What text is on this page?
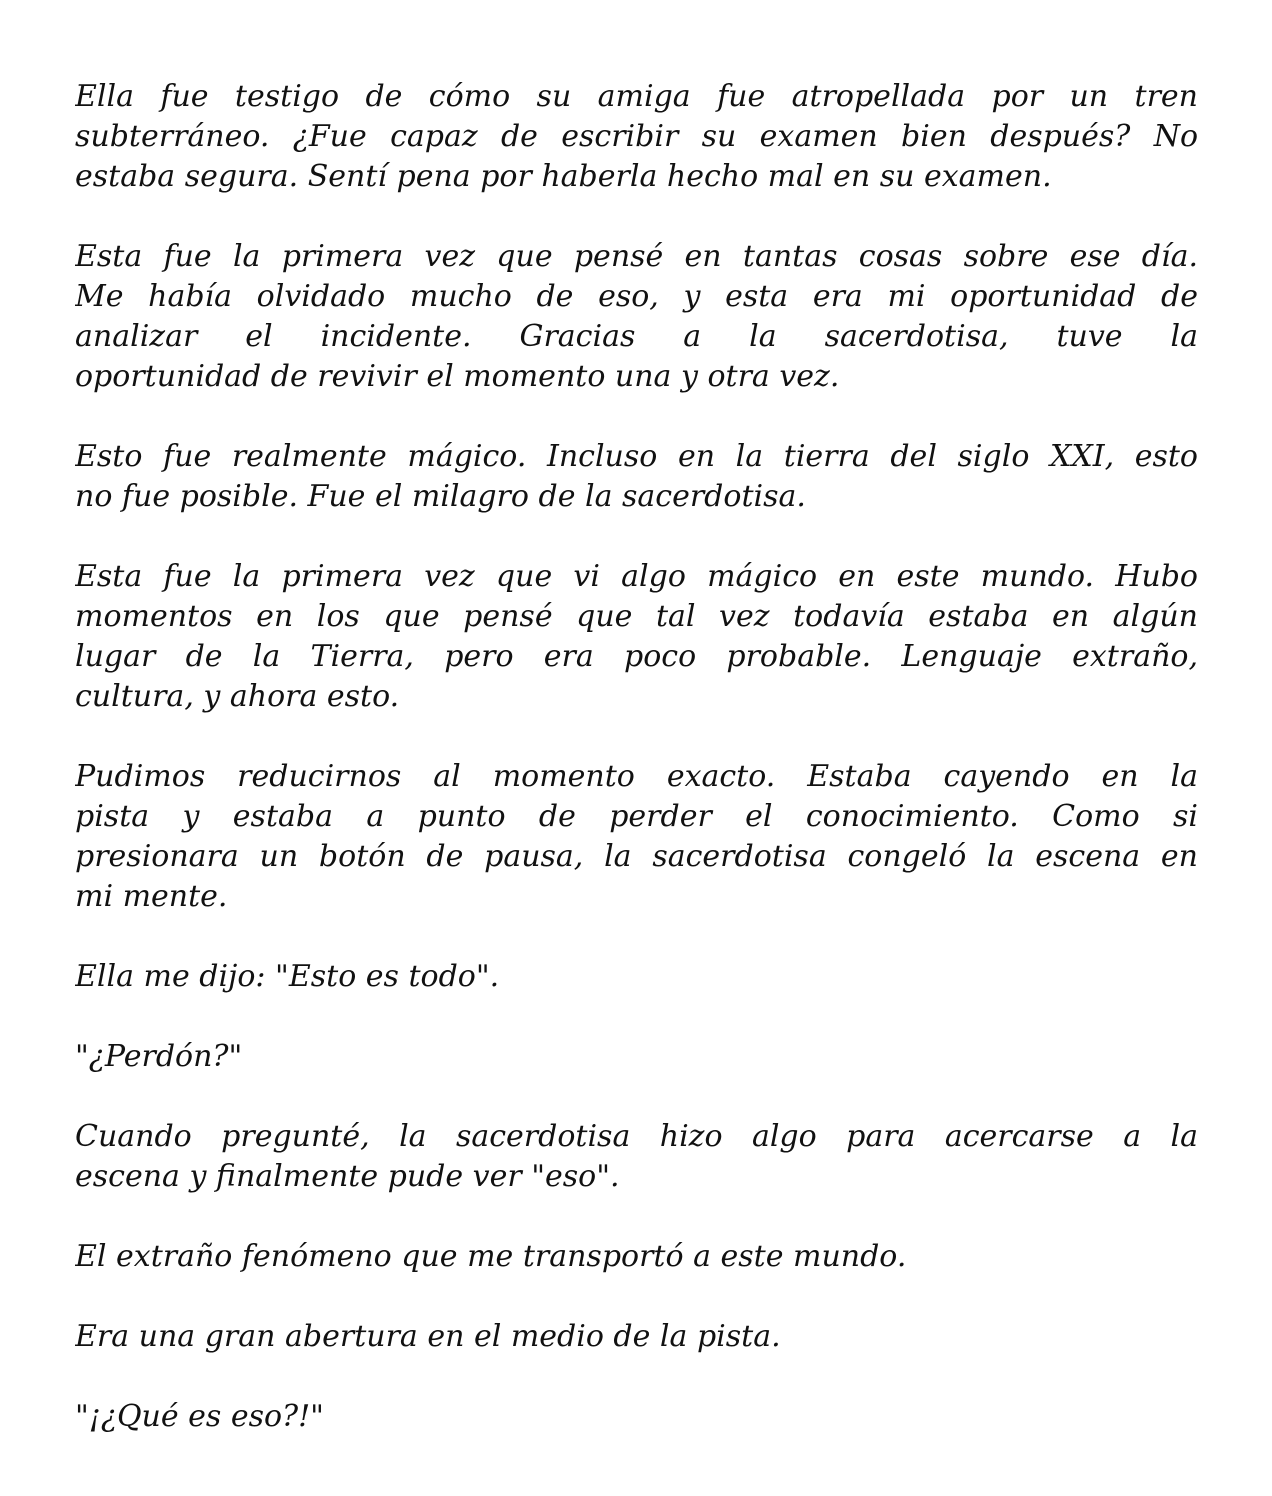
Ella fue testigo de cómo su amiga fue atropellada por un tren
subterráneo. ¿Fue capaz de escribir su examen bien después? No
estaba segura. Sentí pena por haberla hecho mal en su examen.
Esta fue la primera vez que pensé en tantas cosas sobre ese día.
Me había olvidado mucho de eso, y esta era mi oportunidad de
analizar el incidente. Gracias a la sacerdotisa, tuve la
oportunidad de revivir el momento una y otra vez.
Esto fue realmente mágico. Incluso en la tierra del siglo XXI, esto
no fue posible. Fue el milagro de la sacerdotisa.
Esta fue la primera vez que vi algo mágico en este mundo. Hubo
momentos en los que pensé que tal vez todavía estaba en algún
lugar de la Tierra, pero era poco probable. Lenguaje extraño,
cultura, y ahora esto.
Pudimos reducirnos al momento exacto. Estaba cayendo en la
pista y estaba a punto de perder el conocimiento. Como si
presionara un botón de pausa, la sacerdotisa congeló la escena en
mi mente.
Ella me dijo: "Esto es todo".
"¿Perdón?"
Cuando pregunté, la sacerdotisa hizo algo para acercarse a la
escena y finalmente pude ver "eso".
El extraño fenómeno que me transportó a este mundo.
Era una gran abertura en el medio de la pista.
"¡¿Qué es eso?!"
